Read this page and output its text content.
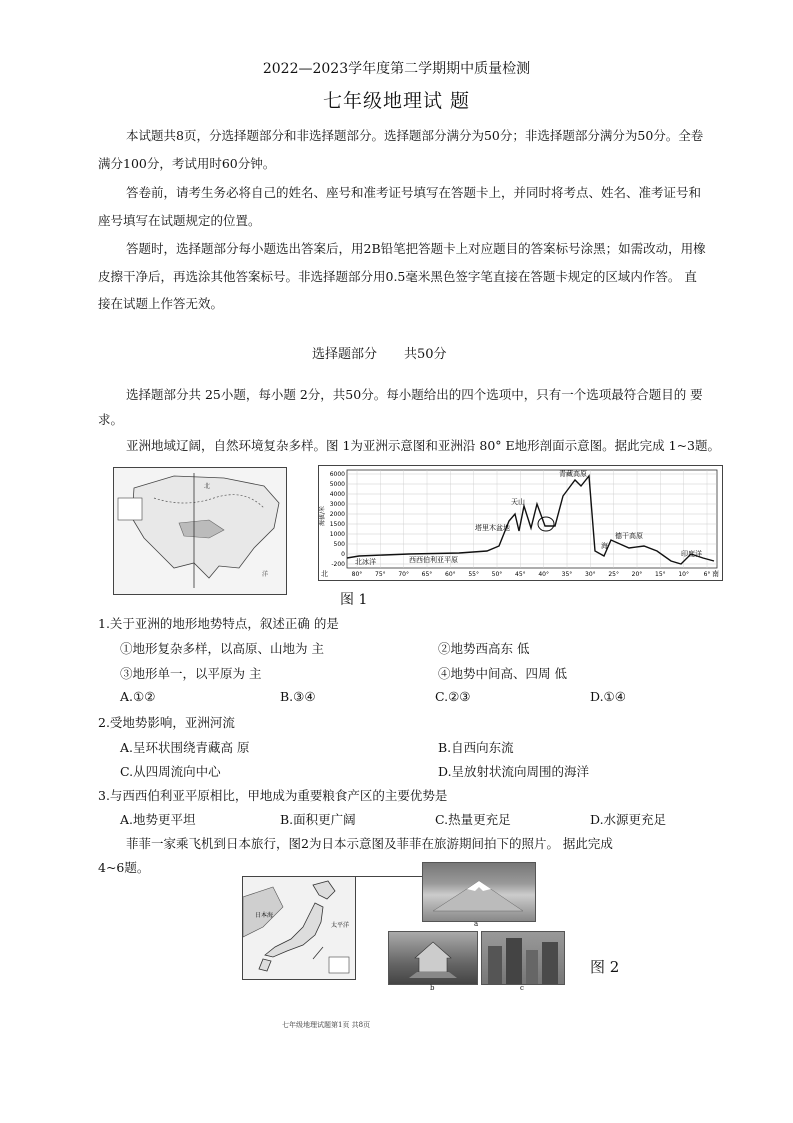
2022—2023学年度第二学期期中质量检测
七年级地理试 题
本试题共8页，分选择题部分和非选择题部分。选择题部分满分为50分；非选择题部分满分为50分。全卷
满分100分，考试用时60分钟。
答卷前，请考生务必将自己的姓名、座号和准考证号填写在答题卡上，并同时将考点、姓名、准考证号和
座号填写在试题规定的位置。
答题时，选择题部分每小题选出答案后，用2B铅笔把答题卡上对应题目的答案标号涂黑；如需改动，用橡
皮擦干净后，再选涂其他答案标号。非选择题部分用0.5毫米黑色签字笔直接在答题卡规定的区域内作答。 直
接在试题上作答无效。
选择题部分 共50分
选择题部分共 25小题，每小题 2分，共50分。每小题给出的四个选项中，只有一个选项最符合题目的 要
求。
亚洲地域辽阔，自然环境复杂多样。图 1为亚洲示意图和亚洲沿 80° E地形剖面示意图。据此完成 1~3题。
北
洋
6000
5000
4000
3000
2000
1500
1000
500
0
-200
80° 75° 70° 65° 60° 55° 50° 45° 40° 35° 30° 25° 20° 15° 10° 6°
北冰洋	西西伯利亚平原
塔里木盆地
天山
青藏高原
德干高原
印度洋
海
北	南
海拔/米
图 1
1.关于亚洲的地形地势特点，叙述正确 的是
①地形复杂多样，以高原、山地为 主	②地势西高东 低
③地形单一，以平原为 主	④地势中间高、四周 低
A.①②	B.③④	C.②③	D.①④
2.受地势影响，亚洲河流
A.呈环状围绕青藏高 原	B.自西向东流
C.从四周流向中心	D.呈放射状流向周围的海洋
3.与西西伯利亚平原相比，甲地成为重要粮食产区的主要优势是
A.地势更平坦	B.面积更广阔	C.热量更充足	D.水源更充足
菲菲一家乘飞机到日本旅行，图2为日本示意图及菲菲在旅游期间拍下的照片。 据此完成
4~6题。
日本海
太平洋	a
b	c
图 2
七年级地理试题第1页 共8页
